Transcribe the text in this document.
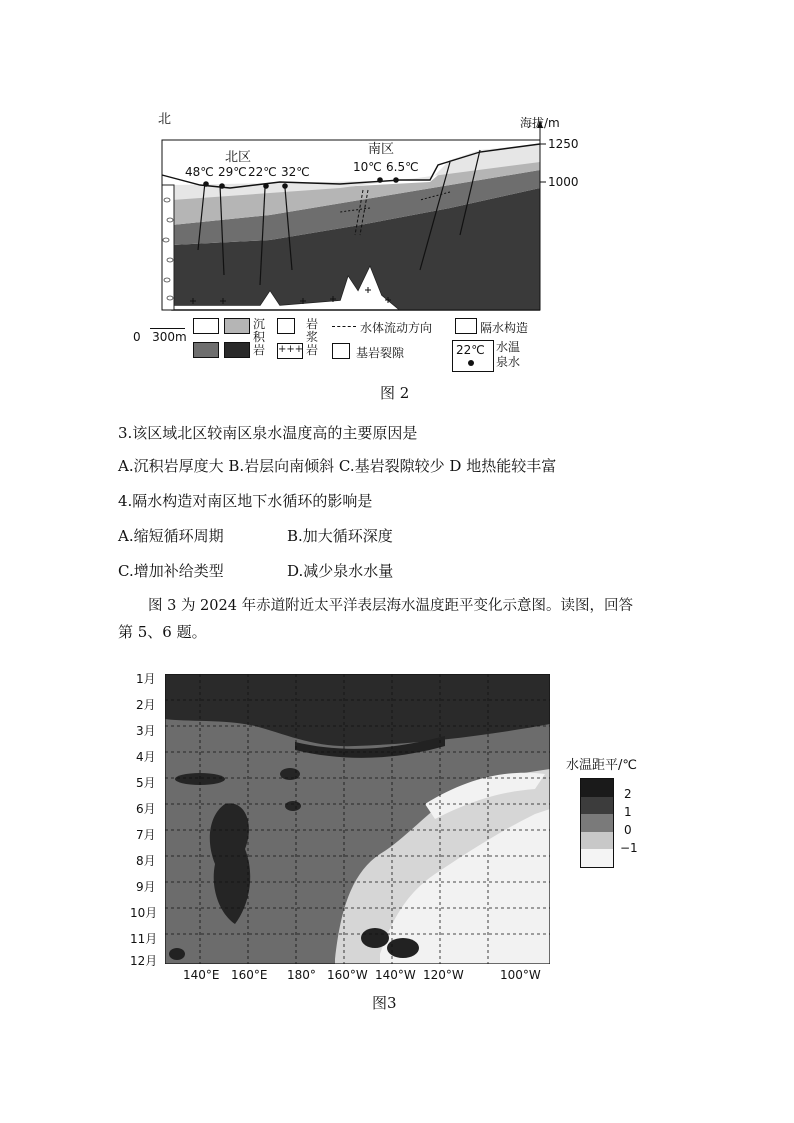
北	海拔/m
1250
1000
北区
南区
48℃ 29℃ 22℃ 32℃	10℃ 6.5℃
0   300m
沉积岩 +++
岩浆岩
水体流动方向
基岩裂隙
隔水构造
22℃ 水温泉水
图 2
3.该区域北区较南区泉水温度高的主要原因是
A.沉积岩厚度大 B.岩层向南倾斜 C.基岩裂隙较少 D 地热能较丰富
4.隔水构造对南区地下水循环的影响是
A.缩短循环周期	B.加大循环深度
C.增加补给类型	D.减少泉水水量
图 3 为 2024 年赤道附近太平洋表层海水温度距平变化示意图。读图，回答
第 5、6 题。
1月
2月
3月
4月
5月
6月
7月
8月
9月
10月
11月
12月
140°E 160°E 180° 160°W 140°W 120°W	100°W
水温距平/℃
2
1
0
−1
图3
